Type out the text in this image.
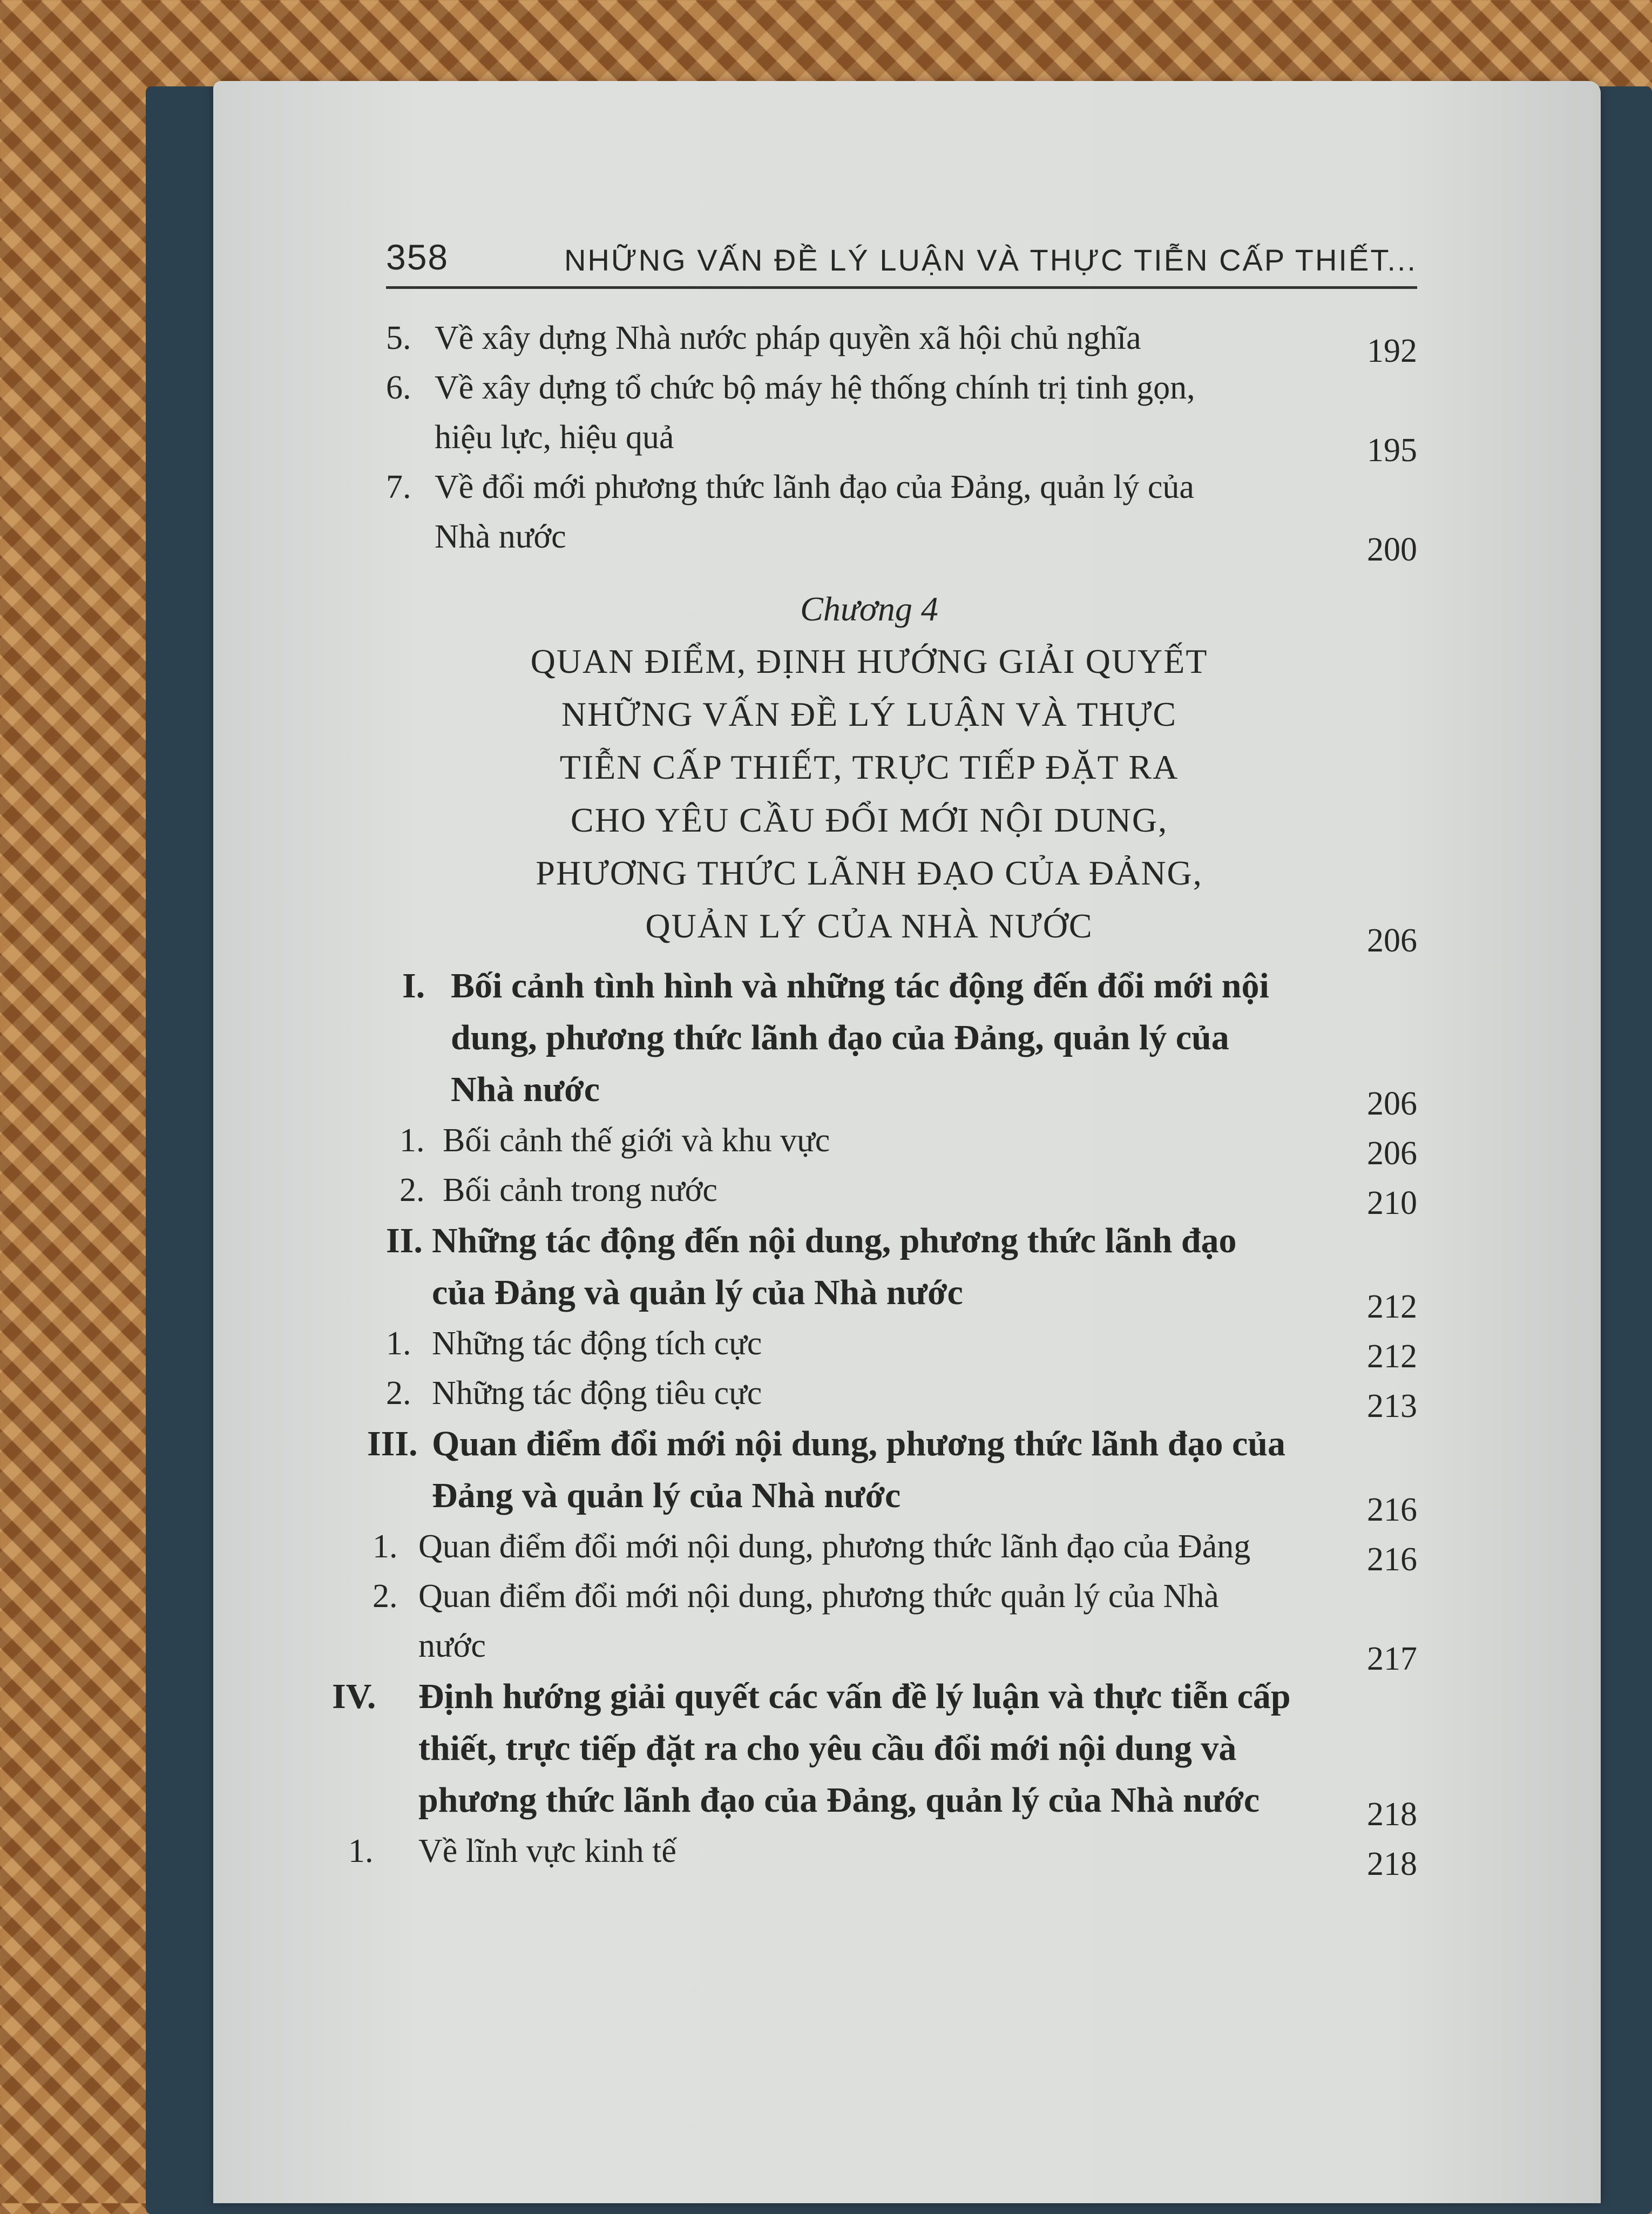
358	NHỮNG VẤN ĐỀ LÝ LUẬN VÀ THỰC TIỄN CẤP THIẾT...
5. Về xây dựng Nhà nước pháp quyền xã hội chủ nghĩa	192
6. Về xây dựng tổ chức bộ máy hệ thống chính trị tinh gọn, hiệu lực, hiệu quả	195
7. Về đổi mới phương thức lãnh đạo của Đảng, quản lý của Nhà nước	200
Chương 4
QUAN ĐIỂM, ĐỊNH HƯỚNG GIẢI QUYẾT NHỮNG VẤN ĐỀ LÝ LUẬN VÀ THỰC TIỄN CẤP THIẾT, TRỰC TIẾP ĐẶT RA CHO YÊU CẦU ĐỔI MỚI NỘI DUNG, PHƯƠNG THỨC LÃNH ĐẠO CỦA ĐẢNG, QUẢN LÝ CỦA NHÀ NƯỚC	206
I. Bối cảnh tình hình và những tác động đến đổi mới nội dung, phương thức lãnh đạo của Đảng, quản lý của Nhà nước	206
1. Bối cảnh thế giới và khu vực	206
2. Bối cảnh trong nước	210
II. Những tác động đến nội dung, phương thức lãnh đạo của Đảng và quản lý của Nhà nước	212
1. Những tác động tích cực	212
2. Những tác động tiêu cực	213
III. Quan điểm đổi mới nội dung, phương thức lãnh đạo của Đảng và quản lý của Nhà nước	216
1. Quan điểm đổi mới nội dung, phương thức lãnh đạo của Đảng	216
2. Quan điểm đổi mới nội dung, phương thức quản lý của Nhà nước	217
IV. Định hướng giải quyết các vấn đề lý luận và thực tiễn cấp thiết, trực tiếp đặt ra cho yêu cầu đổi mới nội dung và phương thức lãnh đạo của Đảng, quản lý của Nhà nước	218
1. Về lĩnh vực kinh tế	218
